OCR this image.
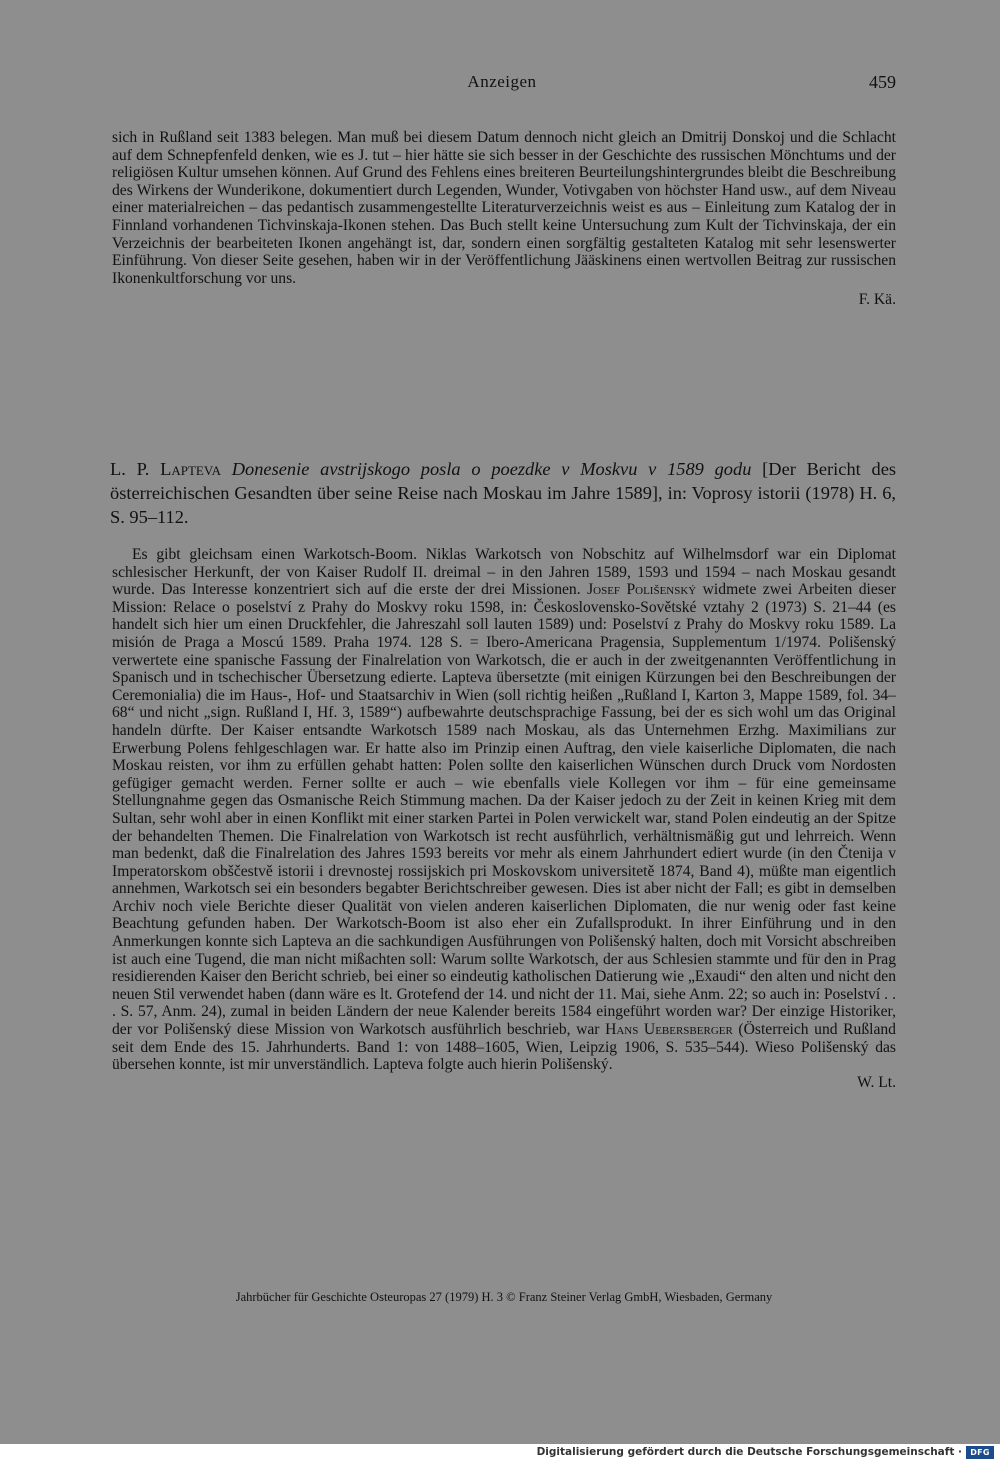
Anzeigen	459

sich in Rußland seit 1383 belegen. Man muß bei diesem Datum dennoch nicht gleich an Dmitrij Donskoj und die Schlacht auf dem Schnepfenfeld denken, wie es J. tut – hier hätte sie sich besser in der Geschichte des russischen Mönchtums und der religiösen Kultur umsehen können. Auf Grund des Fehlens eines breiteren Beurteilungshintergrundes bleibt die Beschreibung des Wirkens der Wunderikone, dokumentiert durch Legenden, Wunder, Votivgaben von höchster Hand usw., auf dem Niveau einer materialreichen – das pedantisch zusammengestellte Literaturverzeichnis weist es aus – Einleitung zum Katalog der in Finnland vorhandenen Tichvinskaja-Ikonen stehen. Das Buch stellt keine Untersuchung zum Kult der Tichvinskaja, der ein Verzeichnis der bearbeiteten Ikonen angehängt ist, dar, sondern einen sorgfältig gestalteten Katalog mit sehr lesenswerter Einführung. Von dieser Seite gesehen, haben wir in der Veröffentlichung Jääskinens einen wertvollen Beitrag zur russischen Ikonenkultforschung vor uns.

F. Kä.

L. P. Lapteva Donesenie avstrijskogo posla o poezdke v Moskvu v 1589 godu [Der Bericht des österreichischen Gesandten über seine Reise nach Moskau im Jahre 1589], in: Voprosy istorii (1978) H. 6, S. 95–112.

Es gibt gleichsam einen Warkotsch-Boom. Niklas Warkotsch von Nobschitz auf Wilhelmsdorf war ein Diplomat schlesischer Herkunft, der von Kaiser Rudolf II. dreimal – in den Jahren 1589, 1593 und 1594 – nach Moskau gesandt wurde. Das Interesse konzentriert sich auf die erste der drei Missionen. Josef Polišenský widmete zwei Arbeiten dieser Mission: Relace o poselství z Prahy do Moskvy roku 1598, in: Československo-Sovětské vztahy 2 (1973) S. 21–44 (es handelt sich hier um einen Druckfehler, die Jahreszahl soll lauten 1589) und: Poselství z Prahy do Moskvy roku 1589. La misión de Praga a Moscú 1589. Praha 1974. 128 S. = Ibero-Americana Pragensia, Supplementum 1/1974. Polišenský verwertete eine spanische Fassung der Finalrelation von Warkotsch, die er auch in der zweitgenannten Veröffentlichung in Spanisch und in tschechischer Übersetzung edierte. Lapteva übersetzte (mit einigen Kürzungen bei den Beschreibungen der Ceremonialia) die im Haus-, Hof- und Staatsarchiv in Wien (soll richtig heißen „Rußland I, Karton 3, Mappe 1589, fol. 34–68“ und nicht „sign. Rußland I, Hf. 3, 1589“) aufbewahrte deutschsprachige Fassung, bei der es sich wohl um das Original handeln dürfte. Der Kaiser entsandte Warkotsch 1589 nach Moskau, als das Unternehmen Erzhg. Maximilians zur Erwerbung Polens fehlgeschlagen war. Er hatte also im Prinzip einen Auftrag, den viele kaiserliche Diplomaten, die nach Moskau reisten, vor ihm zu erfüllen gehabt hatten: Polen sollte den kaiserlichen Wünschen durch Druck vom Nordosten gefügiger gemacht werden. Ferner sollte er auch – wie ebenfalls viele Kollegen vor ihm – für eine gemeinsame Stellungnahme gegen das Osmanische Reich Stimmung machen. Da der Kaiser jedoch zu der Zeit in keinen Krieg mit dem Sultan, sehr wohl aber in einen Konflikt mit einer starken Partei in Polen verwickelt war, stand Polen eindeutig an der Spitze der behandelten Themen. Die Finalrelation von Warkotsch ist recht ausführlich, verhältnismäßig gut und lehrreich. Wenn man bedenkt, daß die Finalrelation des Jahres 1593 bereits vor mehr als einem Jahrhundert ediert wurde (in den Čtenija v Imperatorskom obščestvě istorii i drevnostej rossijskich pri Moskovskom universitetě 1874, Band 4), müßte man eigentlich annehmen, Warkotsch sei ein besonders begabter Berichtschreiber gewesen. Dies ist aber nicht der Fall; es gibt in demselben Archiv noch viele Berichte dieser Qualität von vielen anderen kaiserlichen Diplomaten, die nur wenig oder fast keine Beachtung gefunden haben. Der Warkotsch-Boom ist also eher ein Zufallsprodukt. In ihrer Einführung und in den Anmerkungen konnte sich Lapteva an die sachkundigen Ausführungen von Polišenský halten, doch mit Vorsicht abschreiben ist auch eine Tugend, die man nicht mißachten soll: Warum sollte Warkotsch, der aus Schlesien stammte und für den in Prag residierenden Kaiser den Bericht schrieb, bei einer so eindeutig katholischen Datierung wie „Exaudi“ den alten und nicht den neuen Stil verwendet haben (dann wäre es lt. Grotefend der 14. und nicht der 11. Mai, siehe Anm. 22; so auch in: Poselství . . . S. 57, Anm. 24), zumal in beiden Ländern der neue Kalender bereits 1584 eingeführt worden war? Der einzige Historiker, der vor Polišenský diese Mission von Warkotsch ausführlich beschrieb, war Hans Uebersberger (Österreich und Rußland seit dem Ende des 15. Jahrhunderts. Band 1: von 1488–1605, Wien, Leipzig 1906, S. 535–544). Wieso Polišenský das übersehen konnte, ist mir unverständlich. Lapteva folgte auch hierin Polišenský.

W. Lt.
Jahrbücher für Geschichte Osteuropas 27 (1979) H. 3 © Franz Steiner Verlag GmbH, Wiesbaden, Germany
Digitalisierung gefördert durch die Deutsche Forschungsgemeinschaft ·	DFG
